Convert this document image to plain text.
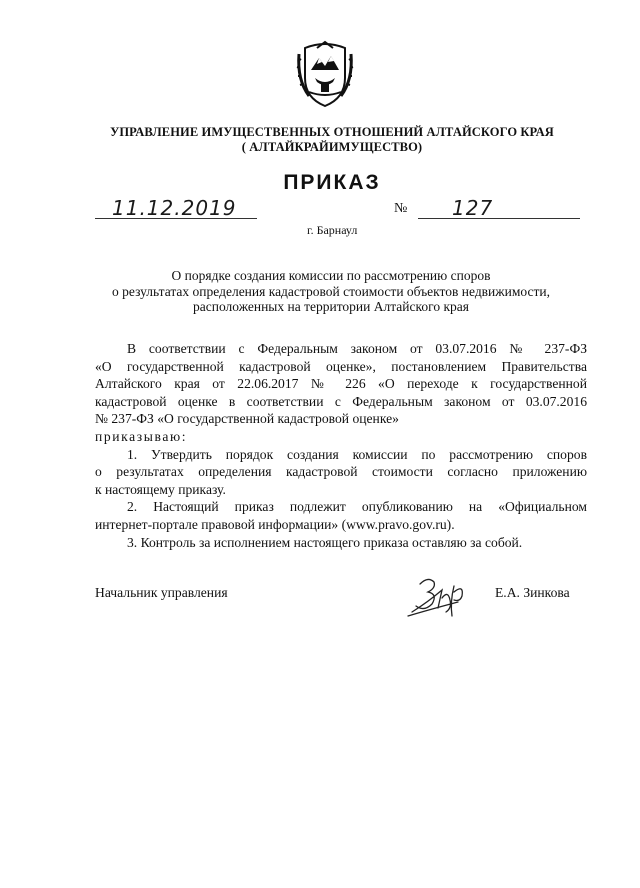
УПРАВЛЕНИЕ ИМУЩЕСТВЕННЫХ ОТНОШЕНИЙ АЛТАЙСКОГО КРАЯ
( АЛТАЙКРАЙИМУЩЕСТВО)
ПРИКАЗ
11.12.2019	№ 127
г. Барнаул
О порядке создания комиссии по рассмотрению споров
о результатах определения кадастровой стоимости объектов недвижимости,
расположенных на территории Алтайского края
В соответствии с Федеральным законом от 03.07.2016 № 237-ФЗ
«О государственной кадастровой оценке», постановлением Правительства
Алтайского края от 22.06.2017 № 226 «О переходе к государственной
кадастровой оценке в соответствии с Федеральным законом от 03.07.2016
№ 237-ФЗ «О государственной кадастровой оценке»
приказываю:
1. Утвердить порядок создания комиссии по рассмотрению споров
о результатах определения кадастровой стоимости согласно приложению
к настоящему приказу.
2. Настоящий приказ подлежит опубликованию на «Официальном
интернет-портале правовой информации» (www.pravo.gov.ru).
3. Контроль за исполнением настоящего приказа оставляю за собой.
Начальник управления	Е.А. Зинкова
